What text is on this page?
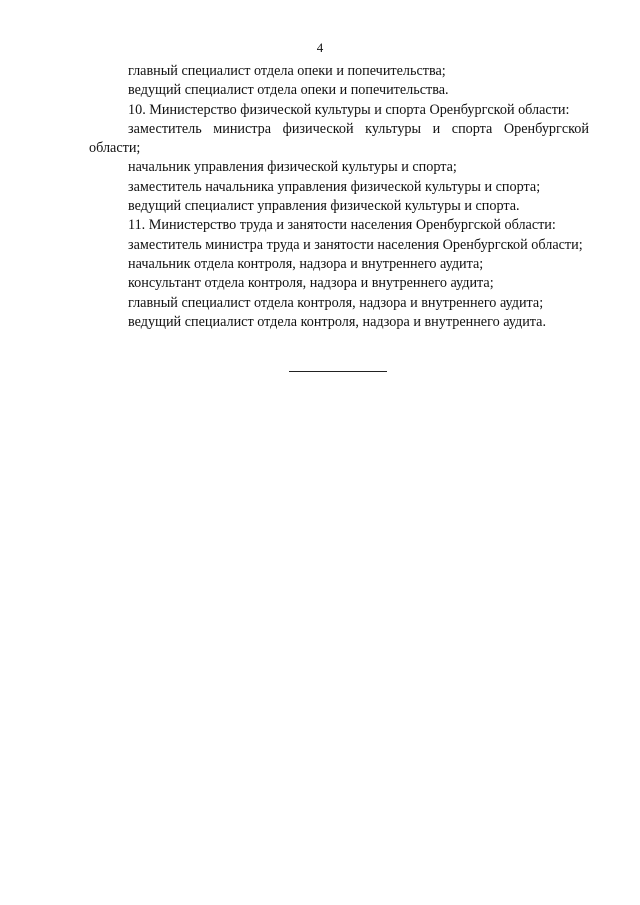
4

главный специалист отдела опеки и попечительства;

ведущий специалист отдела опеки и попечительства.

10. Министерство физической культуры и спорта Оренбургской области:

заместитель министра физической культуры и спорта Оренбургской области;

начальник управления физической культуры и спорта;

заместитель начальника управления физической культуры и спорта;

ведущий специалист управления физической культуры и спорта.

11. Министерство труда и занятости населения Оренбургской области:

заместитель министра труда и занятости населения Оренбургской области;

начальник отдела контроля, надзора и внутреннего аудита;

консультант отдела контроля, надзора и внутреннего аудита;

главный специалист отдела контроля, надзора и внутреннего аудита;

ведущий специалист отдела контроля, надзора и внутреннего аудита.
